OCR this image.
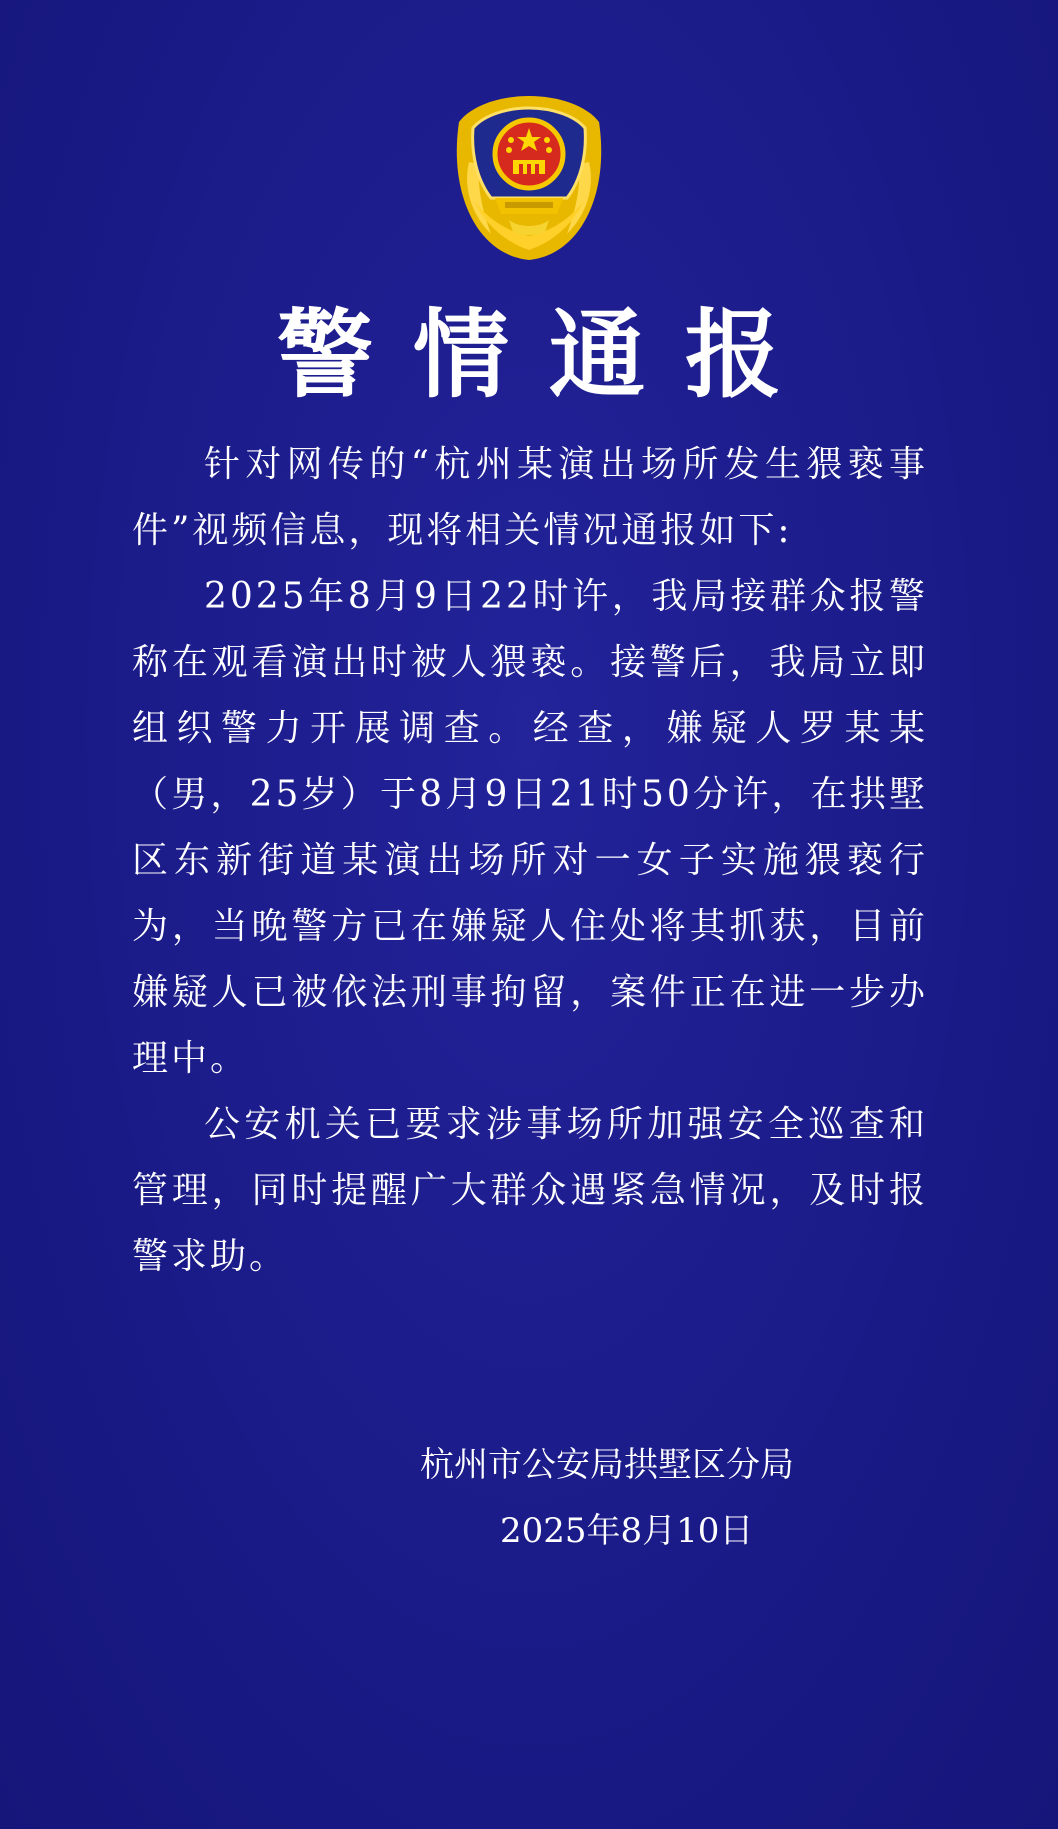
警情通报

针对网传的“杭州某演出场所发生猥亵事件”视频信息，现将相关情况通报如下:

2025年8月9日22时许，我局接群众报警称在观看演出时被人猥亵。接警后，我局立即组织警力开展调查。经查，嫌疑人罗某某（男，25岁）于8月9日21时50分许，在拱墅区东新街道某演出场所对一女子实施猥亵行为，当晚警方已在嫌疑人住处将其抓获，目前嫌疑人已被依法刑事拘留，案件正在进一步办理中。

公安机关已要求涉事场所加强安全巡查和管理，同时提醒广大群众遇紧急情况，及时报警求助。

杭州市公安局拱墅区分局
2025年8月10日
